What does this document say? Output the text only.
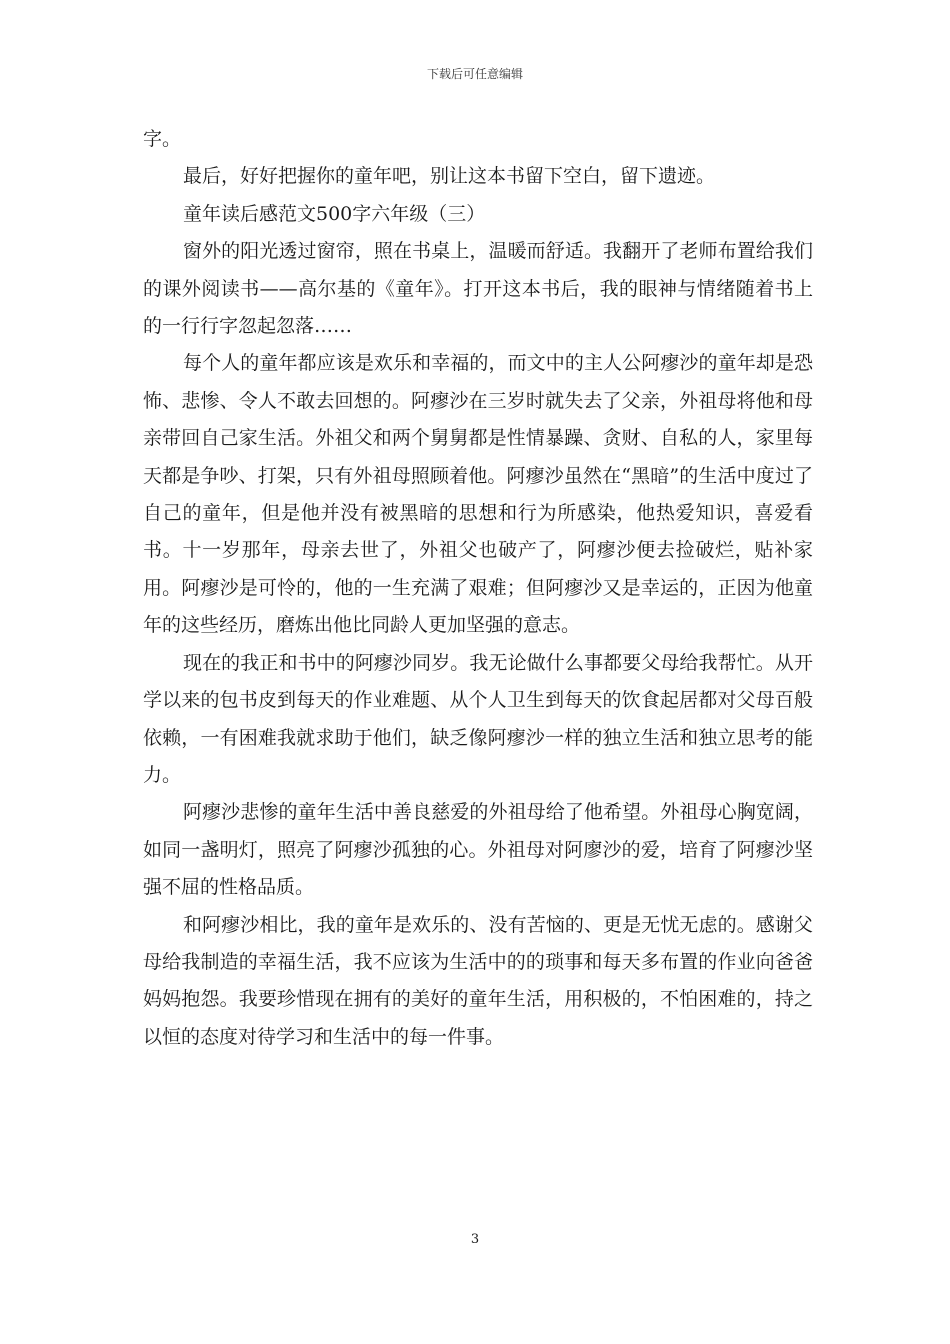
下载后可任意编辑

字。

最后，好好把握你的童年吧，别让这本书留下空白，留下遗迹。

童年读后感范文500字六年级（三）

窗外的阳光透过窗帘，照在书桌上，温暖而舒适。我翻开了老师布置给我们的课外阅读书——高尔基的《童年》。打开这本书后，我的眼神与情绪随着书上的一行行字忽起忽落……

每个人的童年都应该是欢乐和幸福的，而文中的主人公阿瘳沙的童年却是恐怖、悲惨、令人不敢去回想的。阿瘳沙在三岁时就失去了父亲，外祖母将他和母亲带回自己家生活。外祖父和两个舅舅都是性情暴躁、贪财、自私的人，家里每天都是争吵、打架，只有外祖母照顾着他。阿瘳沙虽然在“黑暗”的生活中度过了自己的童年，但是他并没有被黑暗的思想和行为所感染，他热爱知识，喜爱看书。十一岁那年，母亲去世了，外祖父也破产了，阿瘳沙便去捡破烂，贴补家用。阿瘳沙是可怜的，他的一生充满了艰难；但阿瘳沙又是幸运的，正因为他童年的这些经历，磨炼出他比同龄人更加坚强的意志。

现在的我正和书中的阿瘳沙同岁。我无论做什么事都要父母给我帮忙。从开学以来的包书皮到每天的作业难题、从个人卫生到每天的饮食起居都对父母百般依赖，一有困难我就求助于他们，缺乏像阿瘳沙一样的独立生活和独立思考的能力。

阿瘳沙悲惨的童年生活中善良慈爱的外祖母给了他希望。外祖母心胸宽阔，如同一盏明灯，照亮了阿瘳沙孤独的心。外祖母对阿廖沙的爱，培育了阿瘳沙坚强不屈的性格品质。

和阿瘳沙相比，我的童年是欢乐的、没有苦恼的、更是无忧无虑的。感谢父母给我制造的幸福生活，我不应该为生活中的的琐事和每天多布置的作业向爸爸妈妈抱怨。我要珍惜现在拥有的美好的童年生活，用积极的，不怕困难的，持之以恒的态度对待学习和生活中的每一件事。

3
